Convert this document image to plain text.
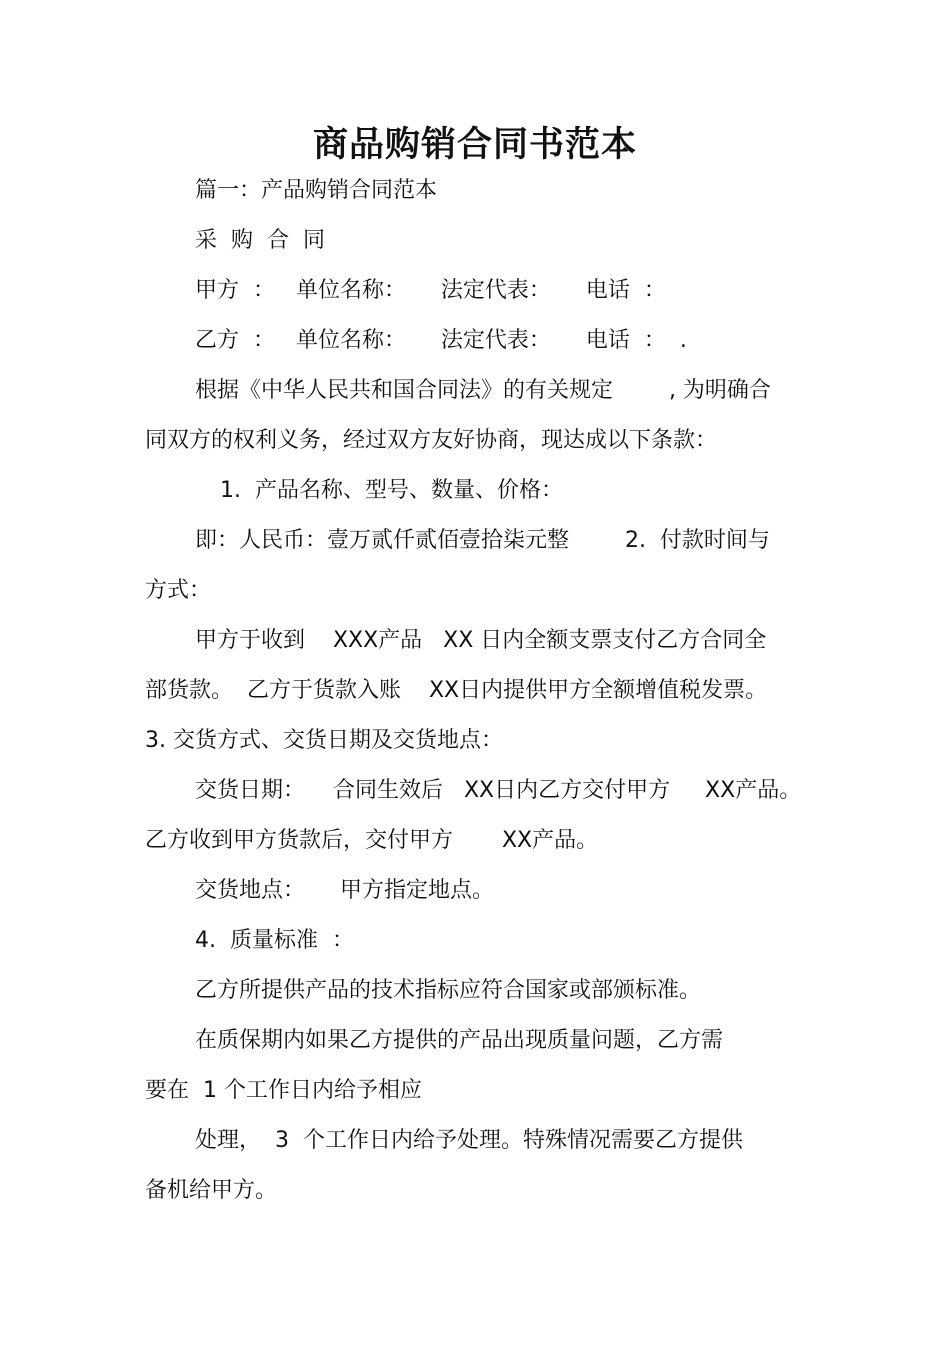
商品购销合同书范本

篇一：产品购销合同范本

采  购  合  同

甲方  ：   单位名称：     法定代表：     电话  ：

乙方  ：   单位名称：     法定代表：     电话  ：  .

根据《中华人民共和国合同法》的有关规定        , 为明确合

同双方的权利义务，经过双方友好协商，现达成以下条款：

1.  产品名称、型号、数量、价格：

即：人民币：壹万贰仟贰佰壹拾柒元整        2.  付款时间与

方式：

甲方于收到    XXX产品   XX 日内全额支票支付乙方合同全

部货款。  乙方于货款入账    XX日内提供甲方全额增值税发票。

3. 交货方式、交货日期及交货地点：

交货日期：    合同生效后   XX日内乙方交付甲方     XX产品。

乙方收到甲方货款后，交付甲方       XX产品。

交货地点：     甲方指定地点。

4.  质量标准  ：

乙方所提供产品的技术指标应符合国家或部颁标准。

在质保期内如果乙方提供的产品出现质量问题，乙方需

要在  1 个工作日内给予相应

处理，  3  个工作日内给予处理。特殊情况需要乙方提供

备机给甲方。
